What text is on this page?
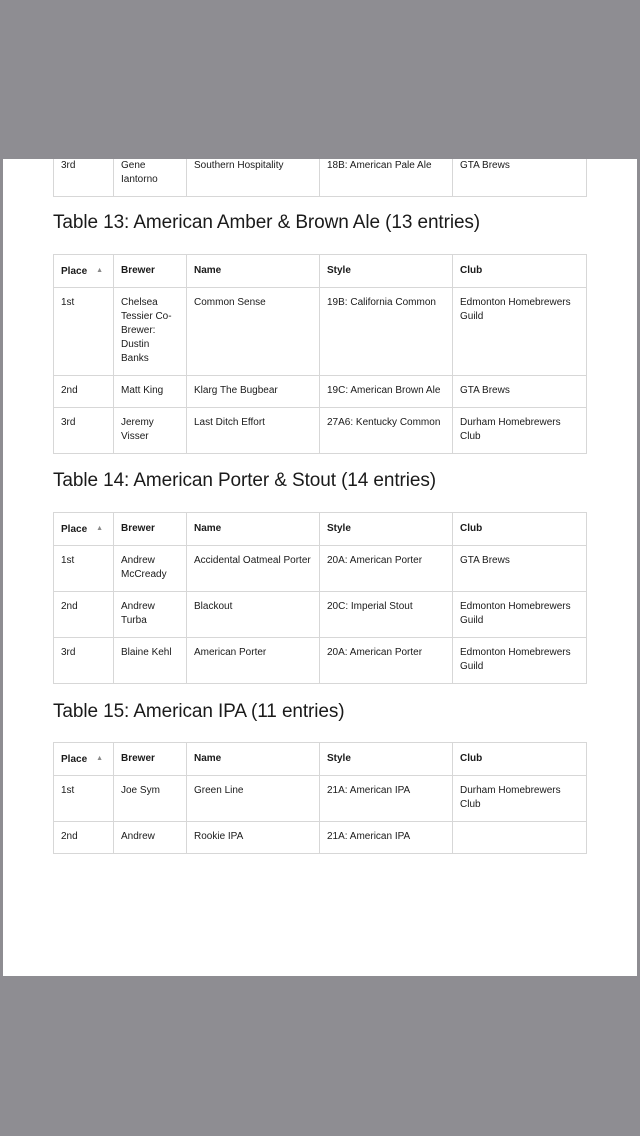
3rd	Gene Iantorno	Southern Hospitality	18B: American Pale Ale	GTA Brews
Table 13: American Amber & Brown Ale (13 entries)
Place ▲	Brewer	Name	Style	Club
1st	Chelsea Tessier Co-Brewer: Dustin Banks	Common Sense	19B: California Common	Edmonton Homebrewers Guild
2nd	Matt King	Klarg The Bugbear	19C: American Brown Ale	GTA Brews
3rd	Jeremy Visser	Last Ditch Effort	27A6: Kentucky Common	Durham Homebrewers Club
Table 14: American Porter & Stout (14 entries)
Place ▲	Brewer	Name	Style	Club
1st	Andrew McCready	Accidental Oatmeal Porter	20A: American Porter	GTA Brews
2nd	Andrew Turba	Blackout	20C: Imperial Stout	Edmonton Homebrewers Guild
3rd	Blaine Kehl	American Porter	20A: American Porter	Edmonton Homebrewers Guild
Table 15: American IPA (11 entries)
Place ▲	Brewer	Name	Style	Club
1st	Joe Sym	Green Line	21A: American IPA	Durham Homebrewers Club
2nd	Andrew	Rookie IPA	21A: American IPA	
